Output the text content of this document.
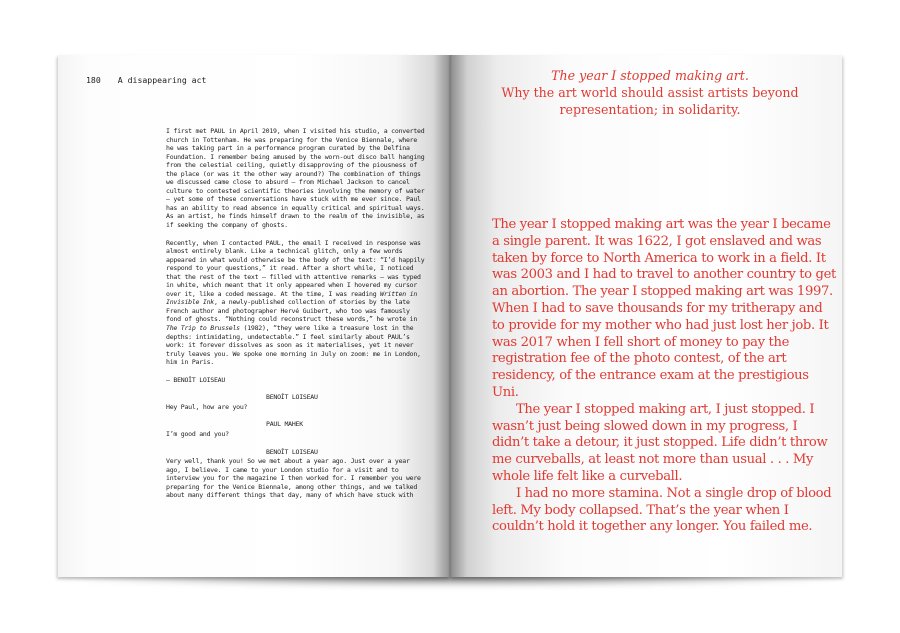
180 A disappearing act

I first met PAUL in April 2019, when I visited his studio, a converted church in Tottenham. He was preparing for the Venice Biennale, where he was taking part in a performance program curated by the Delfina Foundation. I remember being amused by the worn-out disco ball hanging from the celestial ceiling, quietly disapproving of the piousness of the place (or was it the other way around?) The combination of things we discussed came close to absurd – from Michael Jackson to cancel culture to contested scientific theories involving the memory of water – yet some of these conversations have stuck with me ever since. Paul has an ability to read absence in equally critical and spiritual ways. As an artist, he finds himself drawn to the realm of the invisible, as if seeking the company of ghosts.

Recently, when I contacted PAUL, the email I received in response was almost entirely blank. Like a technical glitch, only a few words appeared in what would otherwise be the body of the text: “I’d happily respond to your questions,” it read. After a short while, I noticed that the rest of the text – filled with attentive remarks – was typed in white, which meant that it only appeared when I hovered my cursor over it, like a coded message. At the time, I was reading Written in Invisible Ink, a newly-published collection of stories by the late French author and photographer Hervé Guibert, who too was famously fond of ghosts. “Nothing could reconstruct these words,” he wrote in The Trip to Brussels (1982), “they were like a treasure lost in the depths: intimidating, undetectable.” I feel similarly about PAUL’s work: it forever dissolves as soon as it materialises, yet it never truly leaves you. We spoke one morning in July on zoom: me in London, him in Paris.

– BENOÎT LOISEAU

BENOÎT LOISEAU

Hey Paul, how are you?

PAUL MAHEK

I’m good and you?

BENOÎT LOISEAU

Very well, thank you! So we met about a year ago. Just over a year ago, I believe. I came to your London studio for a visit and to interview you for the magazine I then worked for. I remember you were preparing for the Venice Biennale, among other things, and we talked about many different things that day, many of which have stuck with

The year I stopped making art.
Why the art world should assist artists beyond representation; in solidarity.

The year I stopped making art was the year I became a single parent. It was 1622, I got enslaved and was taken by force to North America to work in a field. It was 2003 and I had to travel to another country to get an abortion. The year I stopped making art was 1997. When I had to save thousands for my tritherapy and to provide for my mother who had just lost her job. It was 2017 when I fell short of money to pay the registration fee of the photo contest, of the art residency, of the entrance exam at the prestigious Uni.

The year I stopped making art, I just stopped. I wasn’t just being slowed down in my progress, I didn’t take a detour, it just stopped. Life didn’t throw me curveballs, at least not more than usual . . . My whole life felt like a curveball.

I had no more stamina. Not a single drop of blood left. My body collapsed. That’s the year when I couldn’t hold it together any longer. You failed me.
